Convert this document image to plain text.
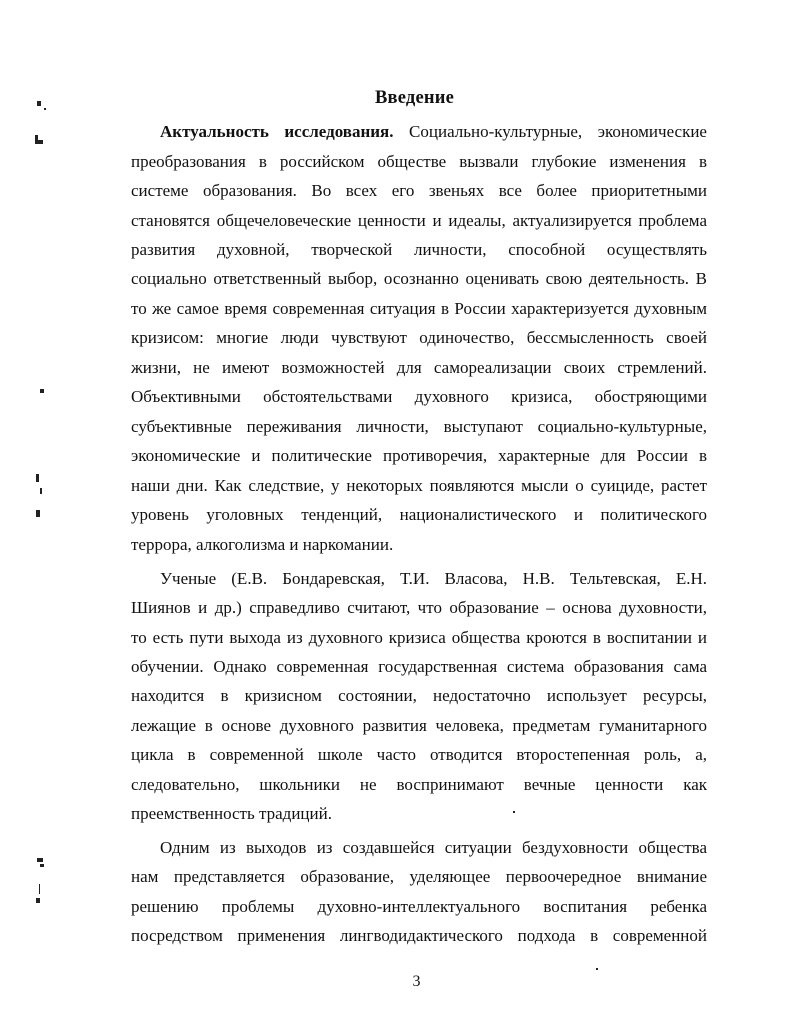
Введение
Актуальность исследования. Социально-культурные, экономические
преобразования в российском обществе вызвали глубокие изменения в
системе образования. Во всех его звеньях все более приоритетными
становятся общечеловеческие ценности и идеалы, актуализируется проблема
развития духовной, творческой личности, способной осуществлять
социально ответственный выбор, осознанно оценивать свою деятельность. В
то же самое время современная ситуация в России характеризуется духовным
кризисом: многие люди чувствуют одиночество, бессмысленность своей
жизни, не имеют возможностей для самореализации своих стремлений.
Объективными обстоятельствами духовного кризиса, обостряющими
субъективные переживания личности, выступают социально-культурные,
экономические и политические противоречия, характерные для России в
наши дни. Как следствие, у некоторых появляются мысли о суициде, растет
уровень уголовных тенденций, националистического и политического
террора, алкоголизма и наркомании.
Ученые (Е.В. Бондаревская, Т.И. Власова, Н.В. Тельтевская, Е.Н.
Шиянов и др.) справедливо считают, что образование – основа духовности,
то есть пути выхода из духовного кризиса общества кроются в воспитании и
обучении. Однако современная государственная система образования сама
находится в кризисном состоянии, недостаточно использует ресурсы,
лежащие в основе духовного развития человека, предметам гуманитарного
цикла в современной школе часто отводится второстепенная роль, а,
следовательно, школьники не воспринимают вечные ценности как
преемственность традиций.
Одним из выходов из создавшейся ситуации бездуховности общества
нам представляется образование, уделяющее первоочередное внимание
решению проблемы духовно-интеллектуального воспитания ребенка
посредством применения лингводидактического подхода в современной
3
